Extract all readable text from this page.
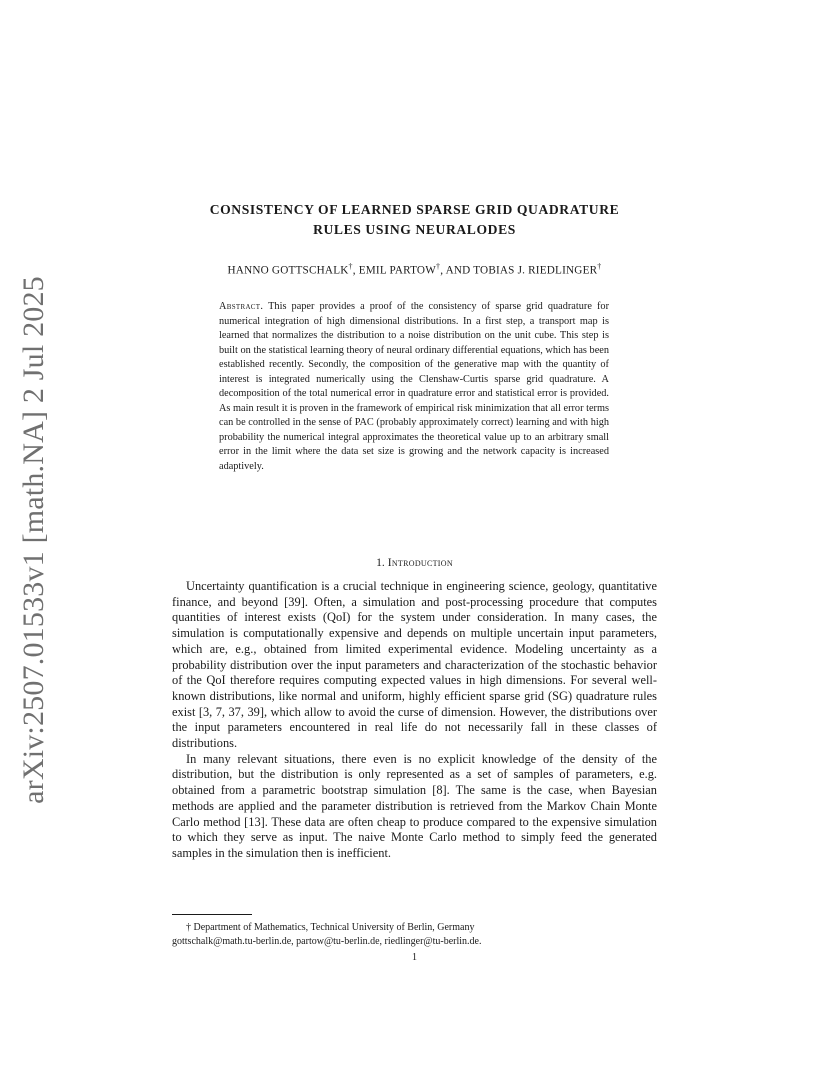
arXiv:2507.01533v1 [math.NA] 2 Jul 2025
CONSISTENCY OF LEARNED SPARSE GRID QUADRATURE
RULES USING NEURALODES
HANNO GOTTSCHALK†, EMIL PARTOW†, AND TOBIAS J. RIEDLINGER†
Abstract. This paper provides a proof of the consistency of sparse grid quadrature for numerical integration of high dimensional distributions. In a first step, a transport map is learned that normalizes the distribution to a noise distribution on the unit cube. This step is built on the statistical learning theory of neural ordinary differential equations, which has been established recently. Secondly, the composition of the generative map with the quantity of interest is integrated numerically using the Clenshaw-Curtis sparse grid quadrature. A decomposition of the total numerical error in quadrature error and statistical error is provided. As main result it is proven in the framework of empirical risk minimization that all error terms can be controlled in the sense of PAC (probably approximately correct) learning and with high probability the numerical integral approximates the theoretical value up to an arbitrary small error in the limit where the data set size is growing and the network capacity is increased adaptively.
1. Introduction

Uncertainty quantification is a crucial technique in engineering science, geology, quantitative finance, and beyond [39]. Often, a simulation and post-processing procedure that computes quantities of interest exists (QoI) for the system under consideration. In many cases, the simulation is computationally expensive and depends on multiple uncertain input parameters, which are, e.g., obtained from limited experimental evidence. Modeling uncertainty as a probability distribution over the input parameters and characterization of the stochastic behavior of the QoI therefore requires computing expected values in high dimensions. For several well-known distributions, like normal and uniform, highly efficient sparse grid (SG) quadrature rules exist [3, 7, 37, 39], which allow to avoid the curse of dimension. However, the distributions over the input parameters encountered in real life do not necessarily fall in these classes of distributions.

In many relevant situations, there even is no explicit knowledge of the density of the distribution, but the distribution is only represented as a set of samples of parameters, e.g. obtained from a parametric bootstrap simulation [8]. The same is the case, when Bayesian methods are applied and the parameter distribution is retrieved from the Markov Chain Monte Carlo method [13]. These data are often cheap to produce compared to the expensive simulation to which they serve as input. The naive Monte Carlo method to simply feed the generated samples in the simulation then is inefficient.

† Department of Mathematics, Technical University of Berlin, Germany
gottschalk@math.tu-berlin.de, partow@tu-berlin.de, riedlinger@tu-berlin.de.
1
